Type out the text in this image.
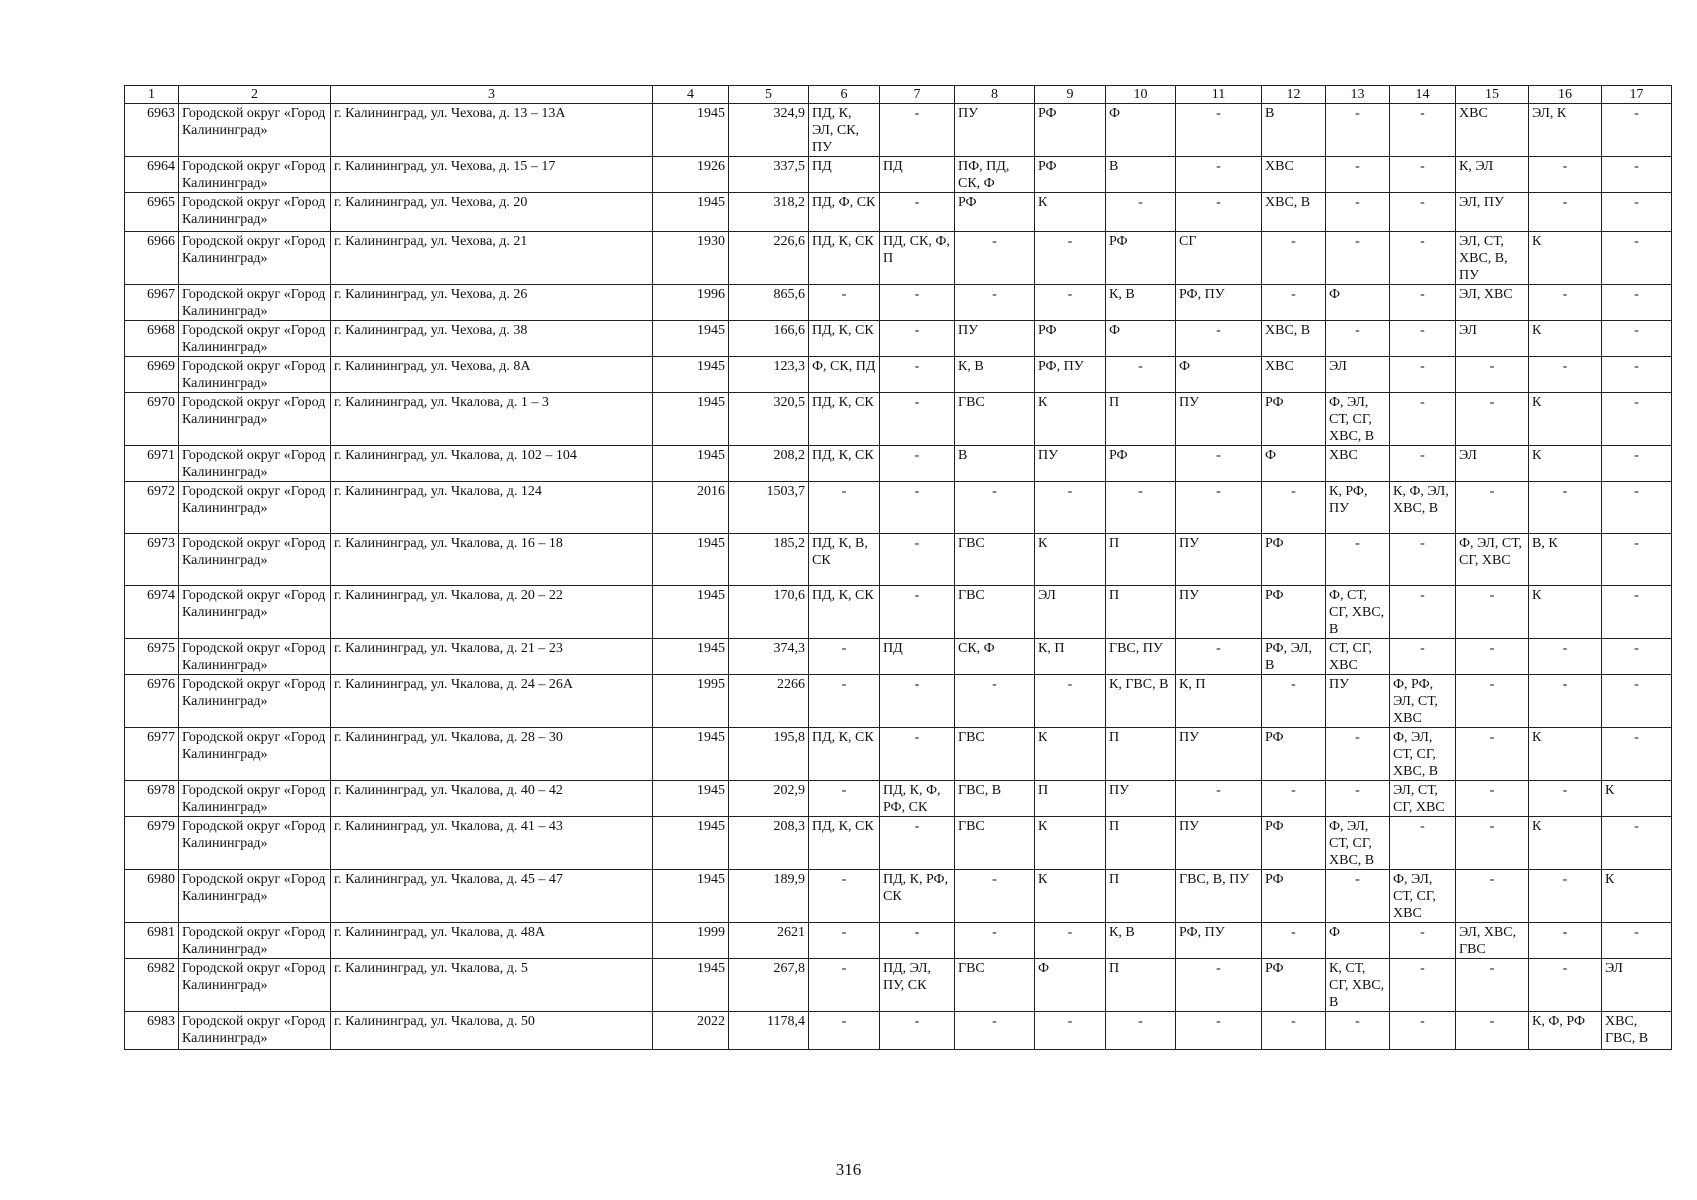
1	2	3	4	5	6	7	8	9	10	11	12	13	14	15	16	17
6963	Городской округ «Город Калининград»	г. Калининград, ул. Чехова, д. 13 – 13А	1945	324,9	ПД, К, ЭЛ, СК, ПУ	-	ПУ	РФ	Ф	-	В	-	-	ХВС	ЭЛ, К	-
6964	Городской округ «Город Калининград»	г. Калининград, ул. Чехова, д. 15 – 17	1926	337,5	ПД	ПД	ПФ, ПД, СК, Ф	РФ	В	-	ХВС	-	-	К, ЭЛ	-	-
6965	Городской округ «Город Калининград»	г. Калининград, ул. Чехова, д. 20	1945	318,2	ПД, Ф, СК	-	РФ	К	-	-	ХВС, В	-	-	ЭЛ, ПУ	-	-
6966	Городской округ «Город Калининград»	г. Калининград, ул. Чехова, д. 21	1930	226,6	ПД, К, СК	ПД, СК, Ф, П	-	-	РФ	СГ	-	-	-	ЭЛ, СТ, ХВС, В, ПУ	К	-
6967	Городской округ «Город Калининград»	г. Калининград, ул. Чехова, д. 26	1996	865,6	-	-	-	-	К, В	РФ, ПУ	-	Ф	-	ЭЛ, ХВС	-	-
6968	Городской округ «Город Калининград»	г. Калининград, ул. Чехова, д. 38	1945	166,6	ПД, К, СК	-	ПУ	РФ	Ф	-	ХВС, В	-	-	ЭЛ	К	-
6969	Городской округ «Город Калининград»	г. Калининград, ул. Чехова, д. 8А	1945	123,3	Ф, СК, ПД	-	К, В	РФ, ПУ	-	Ф	ХВС	ЭЛ	-	-	-	-
6970	Городской округ «Город Калининград»	г. Калининград, ул. Чкалова, д. 1 – 3	1945	320,5	ПД, К, СК	-	ГВС	К	П	ПУ	РФ	Ф, ЭЛ, СТ, СГ, ХВС, В	-	-	К	-
6971	Городской округ «Город Калининград»	г. Калининград, ул. Чкалова, д. 102 – 104	1945	208,2	ПД, К, СК	-	В	ПУ	РФ	-	Ф	ХВС	-	ЭЛ	К	-
6972	Городской округ «Город Калининград»	г. Калининград, ул. Чкалова, д. 124	2016	1503,7	-	-	-	-	-	-	-	К, РФ, ПУ	К, Ф, ЭЛ, ХВС, В	-	-	-
6973	Городской округ «Город Калининград»	г. Калининград, ул. Чкалова, д. 16 – 18	1945	185,2	ПД, К, В, СК	-	ГВС	К	П	ПУ	РФ	-	-	Ф, ЭЛ, СТ, СГ, ХВС	В, К	-
6974	Городской округ «Город Калининград»	г. Калининград, ул. Чкалова, д. 20 – 22	1945	170,6	ПД, К, СК	-	ГВС	ЭЛ	П	ПУ	РФ	Ф, СТ, СГ, ХВС, В	-	-	К	-
6975	Городской округ «Город Калининград»	г. Калининград, ул. Чкалова, д. 21 – 23	1945	374,3	-	ПД	СК, Ф	К, П	ГВС, ПУ	-	РФ, ЭЛ, В	СТ, СГ, ХВС	-	-	-	-
6976	Городской округ «Город Калининград»	г. Калининград, ул. Чкалова, д. 24 – 26А	1995	2266	-	-	-	-	К, ГВС, В	К, П	-	ПУ	Ф, РФ, ЭЛ, СТ, ХВС	-	-	-
6977	Городской округ «Город Калининград»	г. Калининград, ул. Чкалова, д. 28 – 30	1945	195,8	ПД, К, СК	-	ГВС	К	П	ПУ	РФ	-	Ф, ЭЛ, СТ, СГ, ХВС, В	-	К	-
6978	Городской округ «Город Калининград»	г. Калининград, ул. Чкалова, д. 40 – 42	1945	202,9	-	ПД, К, Ф, РФ, СК	ГВС, В	П	ПУ	-	-	-	ЭЛ, СТ, СГ, ХВС	-	-	К
6979	Городской округ «Город Калининград»	г. Калининград, ул. Чкалова, д. 41 – 43	1945	208,3	ПД, К, СК	-	ГВС	К	П	ПУ	РФ	Ф, ЭЛ, СТ, СГ, ХВС, В	-	-	К	-
6980	Городской округ «Город Калининград»	г. Калининград, ул. Чкалова, д. 45 – 47	1945	189,9	-	ПД, К, РФ, СК	-	К	П	ГВС, В, ПУ	РФ	-	Ф, ЭЛ, СТ, СГ, ХВС	-	-	К
6981	Городской округ «Город Калининград»	г. Калининград, ул. Чкалова, д. 48А	1999	2621	-	-	-	-	К, В	РФ, ПУ	-	Ф	-	ЭЛ, ХВС, ГВС	-	-
6982	Городской округ «Город Калининград»	г. Калининград, ул. Чкалова, д. 5	1945	267,8	-	ПД, ЭЛ, ПУ, СК	ГВС	Ф	П	-	РФ	К, СТ, СГ, ХВС, В	-	-	-	ЭЛ
6983	Городской округ «Город Калининград»	г. Калининград, ул. Чкалова, д. 50	2022	1178,4	-	-	-	-	-	-	-	-	-	-	К, Ф, РФ	ХВС, ГВС, В
316
